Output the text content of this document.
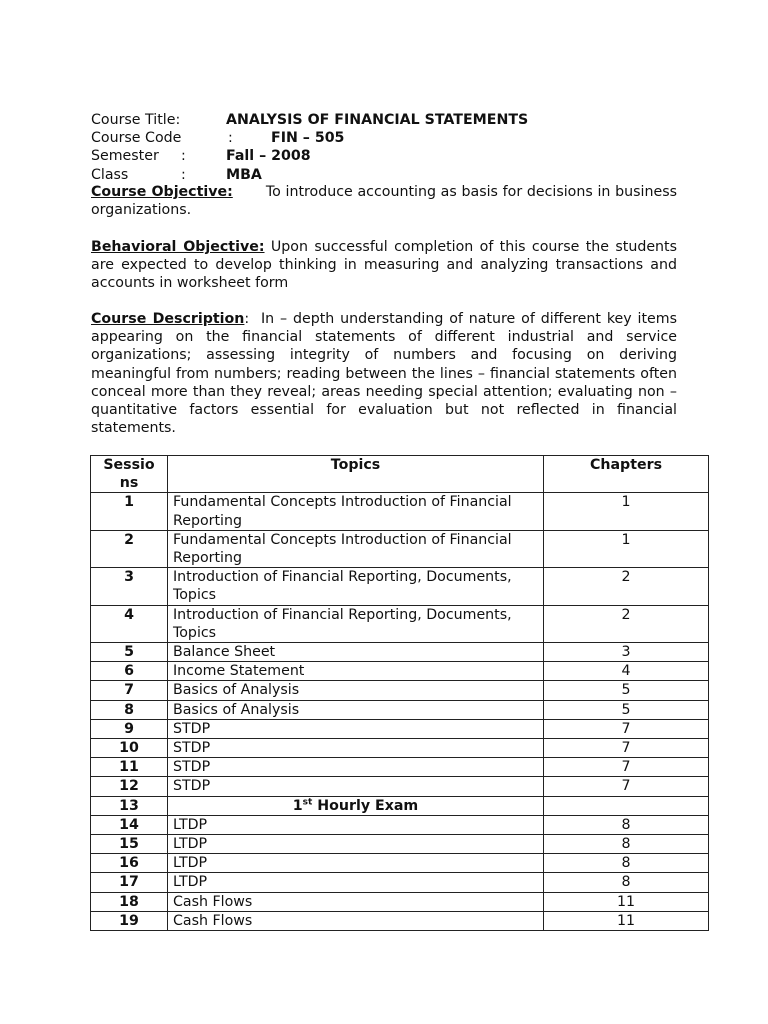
Course Title:	ANALYSIS OF FINANCIAL STATEMENTS
Course Code	:	FIN – 505
Semester :	Fall – 2008
Class	:	MBA

Course Objective: To introduce accounting as basis for decisions in business organizations.

Behavioral Objective: Upon successful completion of this course the students are expected to develop thinking in measuring and analyzing transactions and accounts in worksheet form

Course Description: In – depth understanding of nature of different key items appearing on the financial statements of different industrial and service organizations; assessing integrity of numbers and focusing on deriving meaningful from numbers; reading between the lines – financial statements often conceal more than they reveal; areas needing special attention; evaluating non – quantitative factors essential for evaluation but not reflected in financial statements.

Sessio ns	Topics	Chapters
1	Fundamental Concepts Introduction of Financial Reporting	1
2	Fundamental Concepts Introduction of Financial Reporting	1
3	Introduction of Financial Reporting, Documents, Topics	2
4	Introduction of Financial Reporting, Documents, Topics	2
5	Balance Sheet	3
6	Income Statement	4
7	Basics of Analysis	5
8	Basics of Analysis	5
9	STDP	7
10	STDP	7
11	STDP	7
12	STDP	7
13	1st Hourly Exam	
14	LTDP	8
15	LTDP	8
16	LTDP	8
17	LTDP	8
18	Cash Flows	11
19	Cash Flows	11
